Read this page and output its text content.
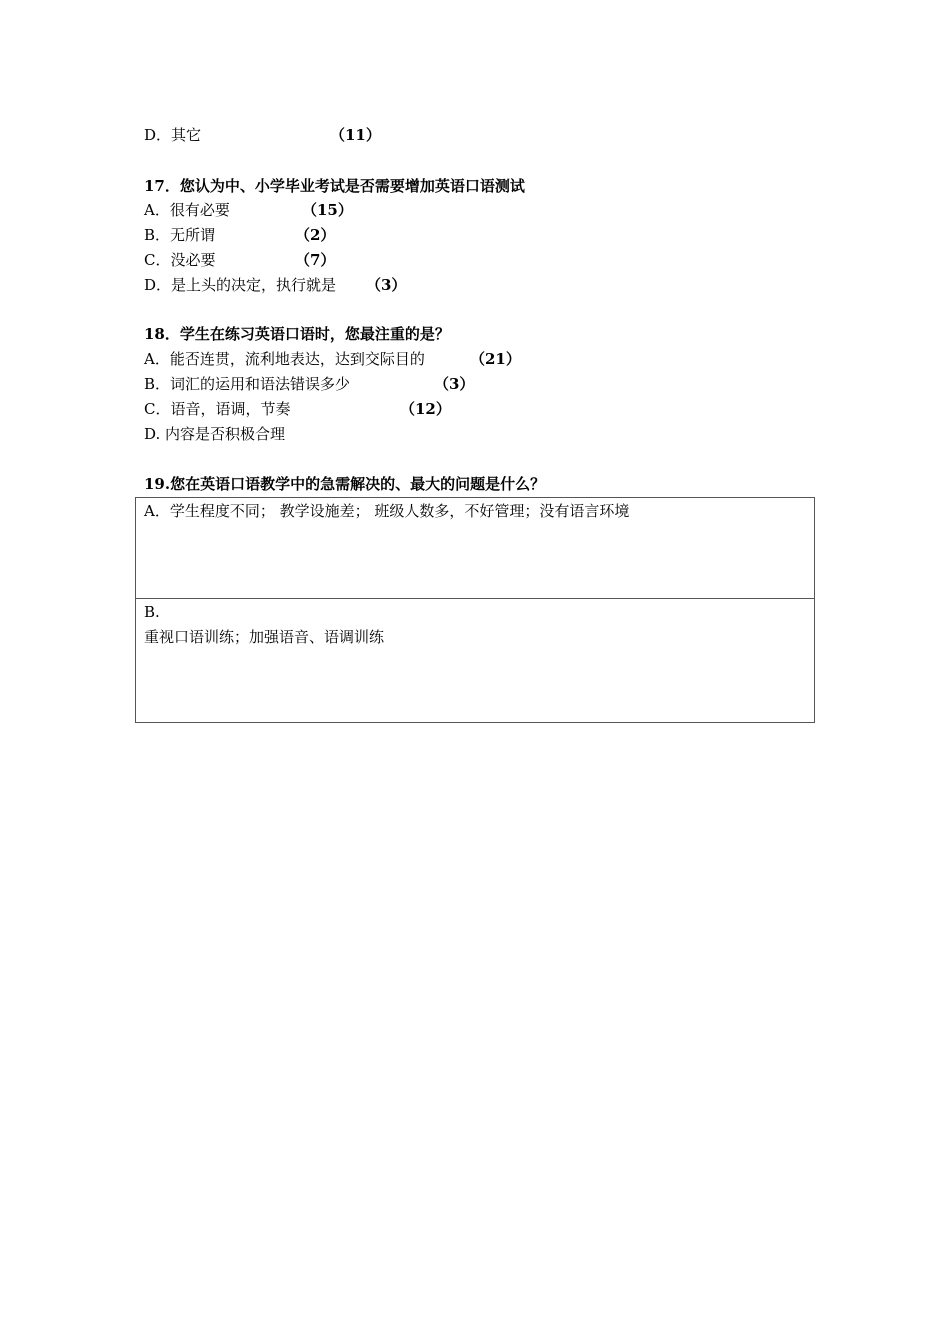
D．其它	（11）
17．您认为中、小学毕业考试是否需要增加英语口语测试
A．很有必要	（15）
B．无所谓	（2）
C．没必要	（7）
D．是上头的决定，执行就是 （3）
18．学生在练习英语口语时，您最注重的是？
A．能否连贯，流利地表达，达到交际目的	（21）
B．词汇的运用和语法错误多少	（3）
C．语音，语调，节奏	（12）
D. 内容是否积极合理
19.您在英语口语教学中的急需解决的、最大的问题是什么？
A．学生程度不同； 教学设施差； 班级人数多，不好管理；没有语言环境
B.
重视口语训练；加强语音、语调训练
